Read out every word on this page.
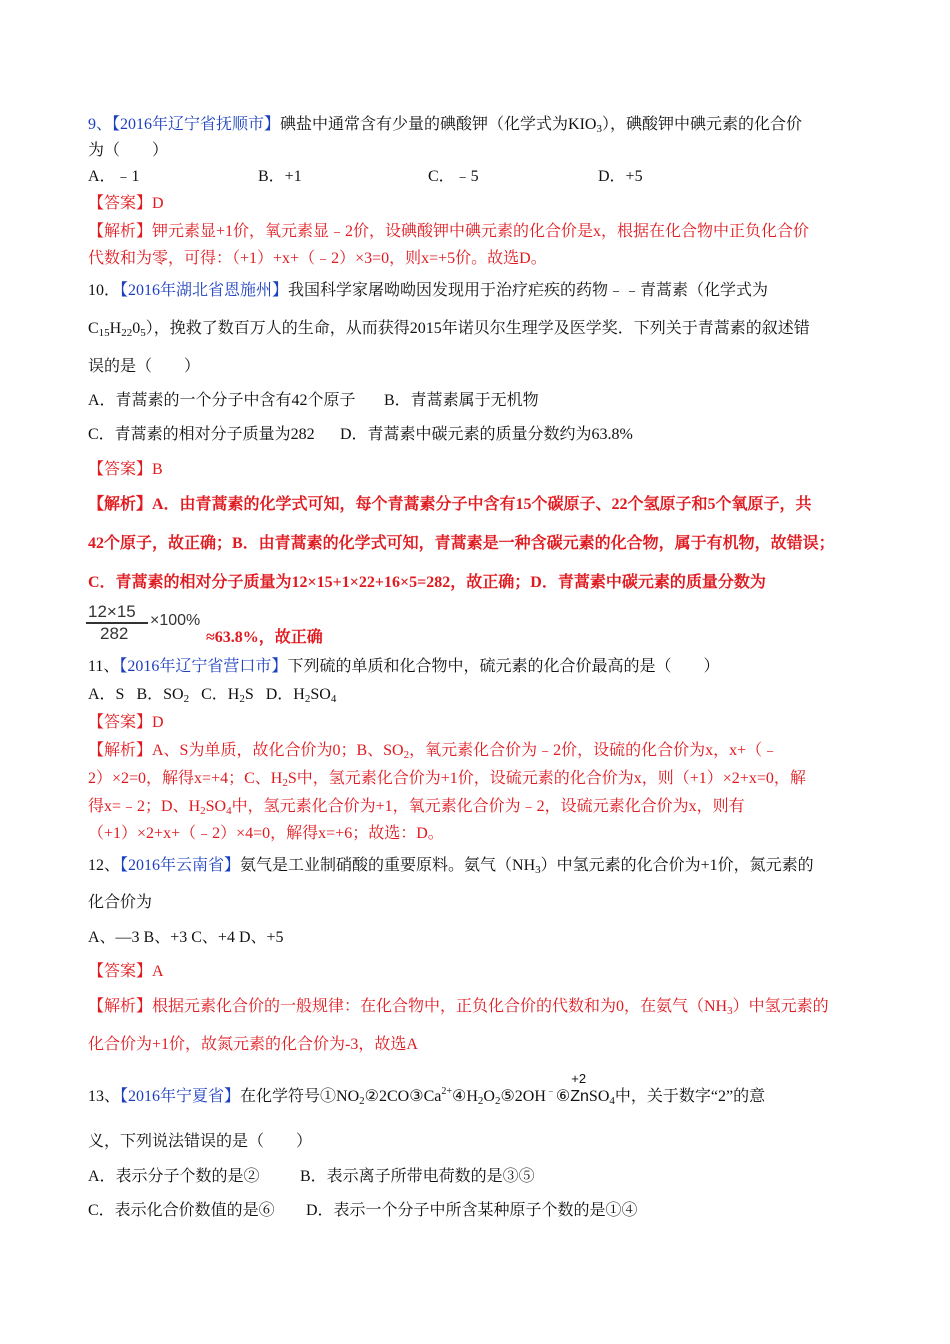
9、【2016年辽宁省抚顺市】碘盐中通常含有少量的碘酸钾（化学式为$KIO_3$），碘酸钾中碘元素的化合价
为（　　）
A．﹣1	B．+1	C．﹣5	D．+5
【答案】D
【解析】钾元素显+1价，氧元素显﹣2价，设碘酸钾中碘元素的化合价是x，根据在化合物中正负化合价
代数和为零，可得：（+1）+x+（﹣2）×3=0，则x=+5价。故选D。
10．【2016年湖北省恩施州】我国科学家屠呦呦因发现用于治疗疟疾的药物﹣﹣青蒿素（化学式为
$C_{15}H_{22}0_5$），挽救了数百万人的生命，从而获得2015年诺贝尔生理学及医学奖．下列关于青蒿素的叙述错
误的是（　　）
A．青蒿素的一个分子中含有42个原子 B．青蒿素属于无机物
C．青蒿素的相对分子质量为282 D．青蒿素中碳元素的质量分数约为63.8%
【答案】B
【解析】A．由青蒿素的化学式可知，每个青蒿素分子中含有15个碳原子、22个氢原子和5个氧原子，共
42个原子，故正确；B．由青蒿素的化学式可知，青蒿素是一种含碳元素的化合物，属于有机物，故错误；
C．青蒿素的相对分子质量为12×15+1×22+16×5=282，故正确；D．青蒿素中碳元素的质量分数为
12×15
282
×100%
≈63.8%，故正确
11、【2016年辽宁省营口市】下列硫的单质和化合物中，硫元素的化合价最高的是（　　）
A．S B．$SO_2$ C．$H_2S$ D．$H_2SO_4$
【答案】D
【解析】A、S为单质，故化合价为0；B、$SO_2$，氧元素化合价为﹣2价，设硫的化合价为x，x+（﹣
2）×2=0，解得x=+4；C、$H_2S$中，氢元素化合价为+1价，设硫元素的化合价为x，则（+1）×2+x=0，解
得x=﹣2；D、$H_2SO_4$中，氢元素化合价为+1，氧元素化合价为﹣2，设硫元素化合价为x，则有
（+1）×2+x+（﹣2）×4=0，解得x=+6；故选：D。
12、【2016年云南省】氨气是工业制硝酸的重要原料。氨气$(NH_3)$中氢元素的化合价为+1价，氮元素的
化合价为
A、—3 B、+3 C、+4 D、+5
【答案】A
【解析】根据元素化合价的一般规律：在化合物中，正负化合价的代数和为0，在氨气$(NH_3)$中氢元素的
化合价为+1价，故氮元素的化合价为-3，故选A
13、【2016年宁夏省】在化学符号$①NO_2②2CO③Ca^{2+}④H_2O_2⑤2OH^﹣⑥$
+2
ZnSO$_4$中，关于数字“2”的意
义，下列说法错误的是（　　）
A．表示分子个数的是②	B．表示离子所带电荷数的是③⑤
C．表示化合价数值的是⑥ D．表示一个分子中所含某种原子个数的是①④
